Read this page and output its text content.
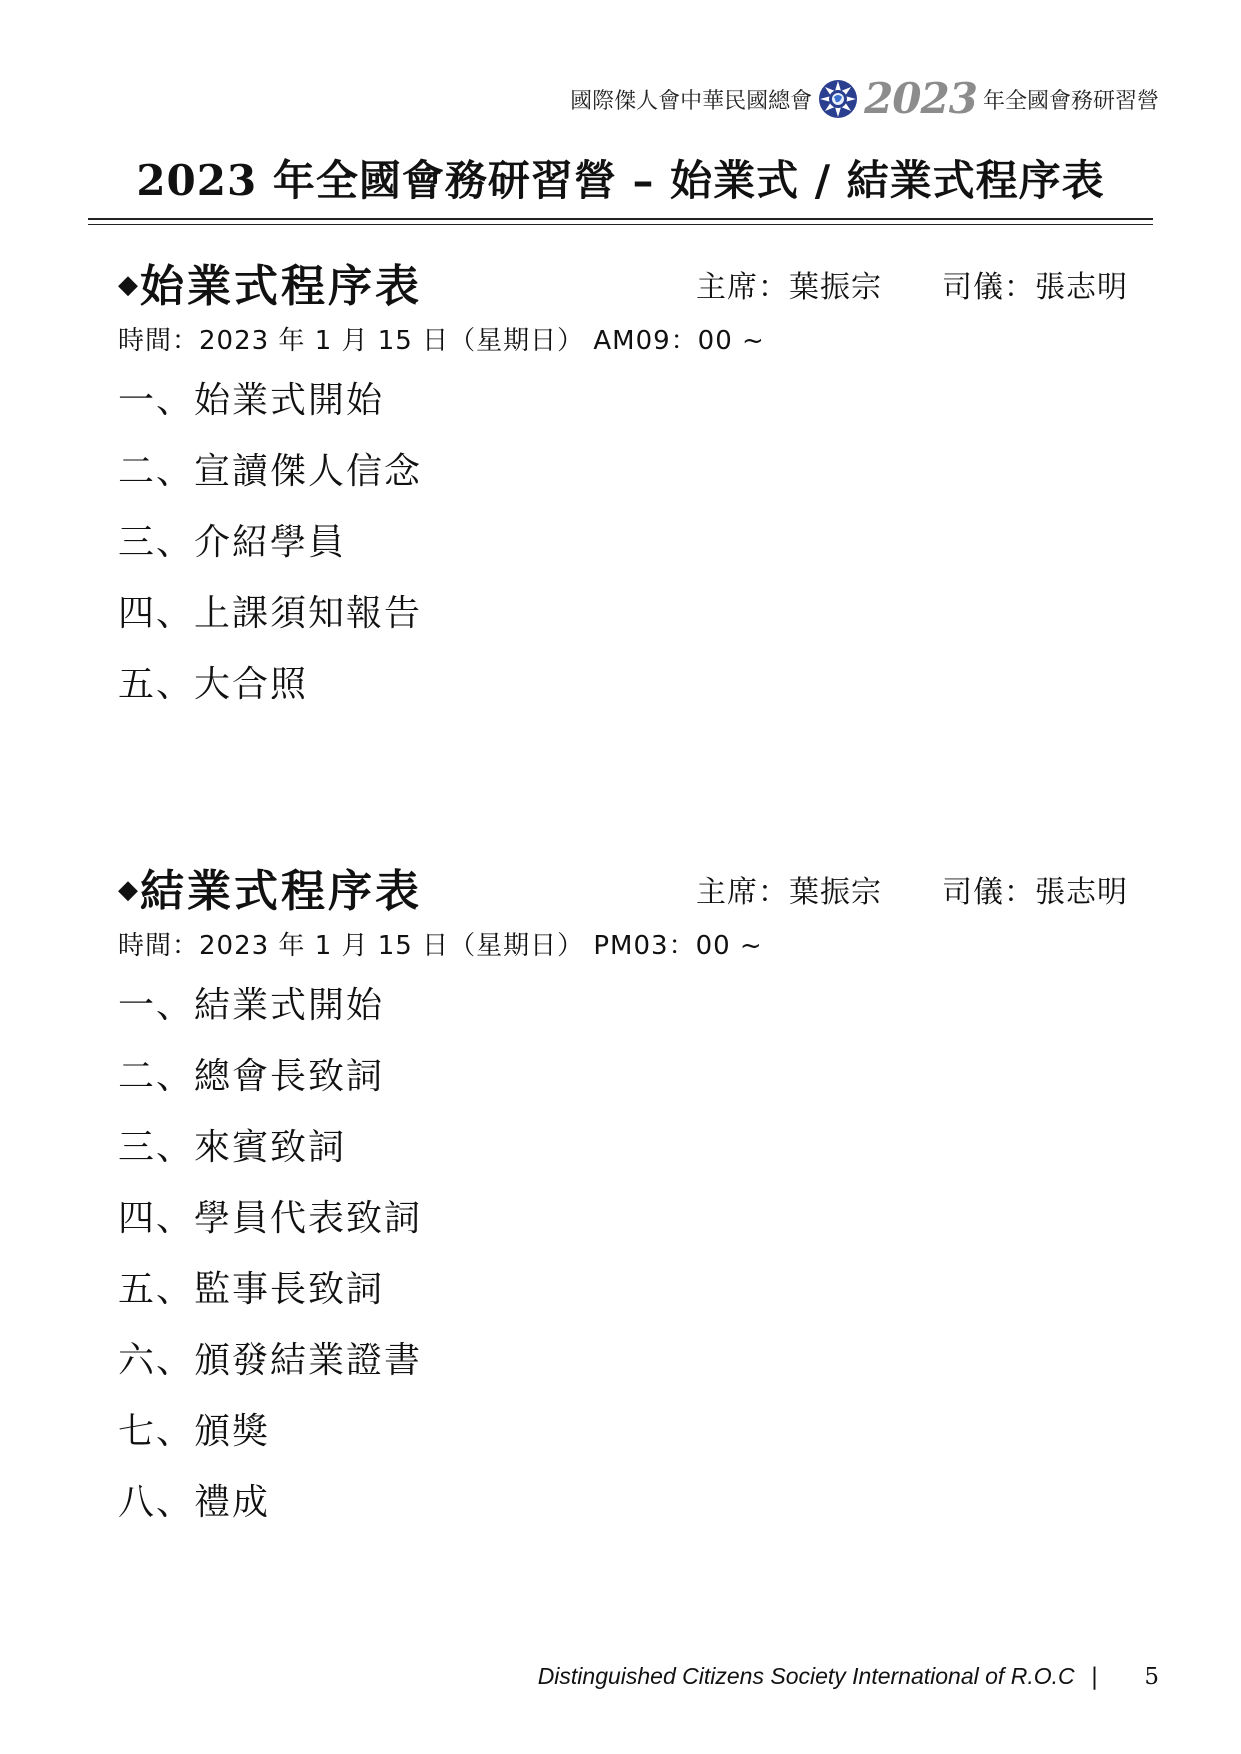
國際傑人會中華民國總會 2023 年全國會務研習營
2023 年全國會務研習營 – 始業式 / 結業式程序表
◆始業式程序表	主席：葉振宗 司儀：張志明
時間：2023 年 1 月 15 日（星期日） AM09：00 ~
一、始業式開始
二、宣讀傑人信念
三、介紹學員
四、上課須知報告
五、大合照
◆結業式程序表	主席：葉振宗 司儀：張志明
時間：2023 年 1 月 15 日（星期日） PM03：00 ~
一、結業式開始
二、總會長致詞
三、來賓致詞
四、學員代表致詞
五、監事長致詞
六、頒發結業證書
七、頒獎
八、禮成
Distinguished Citizens Society International of R.O.C | 5
